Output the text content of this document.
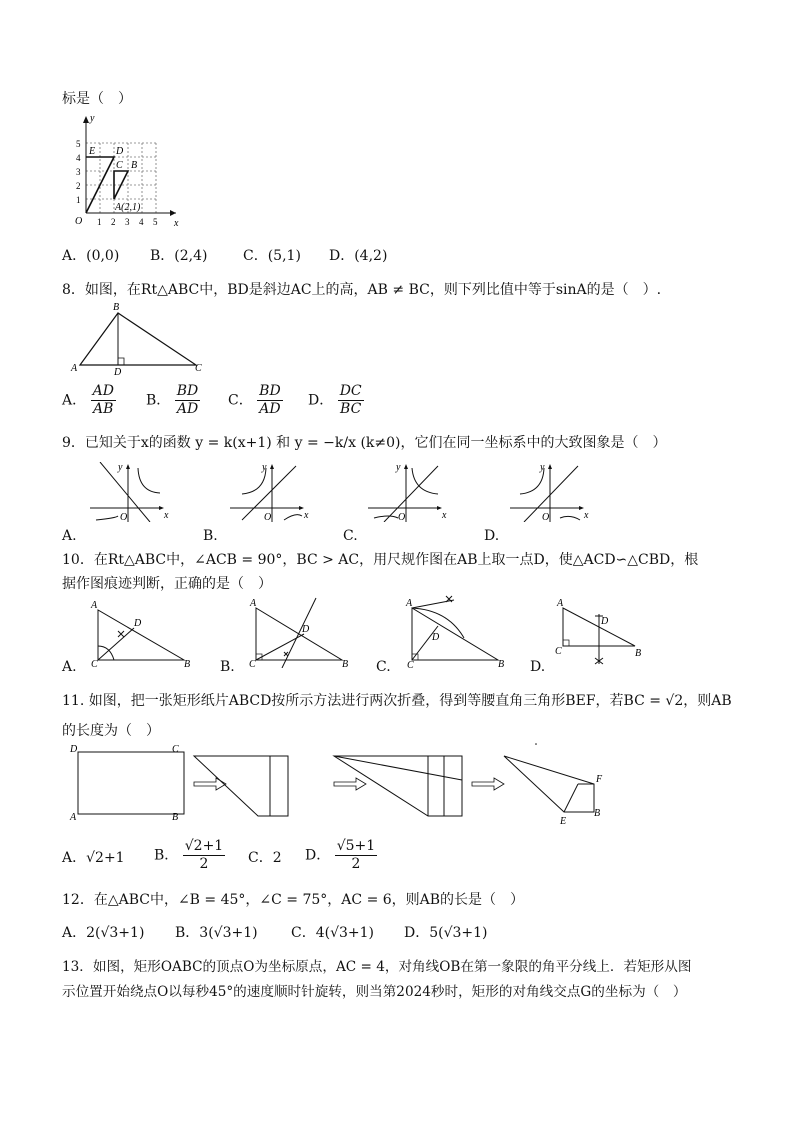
标是（　）
y
x
O 1 2 3 4 5
1
2
3
4
5
E D
C B
A(2,1)
A．(0,0) B．(2,4)	C．(5,1) D．(4,2)
8．如图，在Rt△ABC中，BD是斜边AC上的高，AB ≠ BC，则下列比值中等于sinA的是（　）.
A
B
C
D
A． $\frac{AD}{AB}$ B． $\frac{BD}{AD}$ C． $\frac{BD}{AD}$ D． $\frac{DC}{BC}$
9．已知关于x的函数 y = k(x+1) 和 y = −k/x (k≠0)，它们在同一坐标系中的大致图象是（　）
O	x
y
O	x
y
O	x
y
O	x
y
A.	B.	C.	D.
10．在Rt△ABC中，∠ACB = 90°，BC > AC，用尺规作图在AB上取一点D，使△ACD∽△CBD，根
据作图痕迹判断，正确的是（　）
A
D
C	B
A
D
C	B
A
D
C	B
A
D
C	B
A.	B.	C.	D.
11. 如图，把一张矩形纸片ABCD按所示方法进行两次折叠，得到等腰直角三角形BEF，若BC = √2，则AB
的长度为（　）
D	C
A	B
F
E
B
A．√2+1 B． $\frac{√2+1}{2}$ C．2 D． $\frac{√5+1}{2}$
12．在△ABC中，∠B = 45°，∠C = 75°，AC = 6，则AB的长是（　）
A．2(√3+1) B．3(√3+1) C．4(√3+1) D．5(√3+1)
13．如图，矩形OABC的顶点O为坐标原点，AC = 4，对角线OB在第一象限的角平分线上．若矩形从图
示位置开始绕点O以每秒45°的速度顺时针旋转，则当第2024秒时，矩形的对角线交点G的坐标为（　）
